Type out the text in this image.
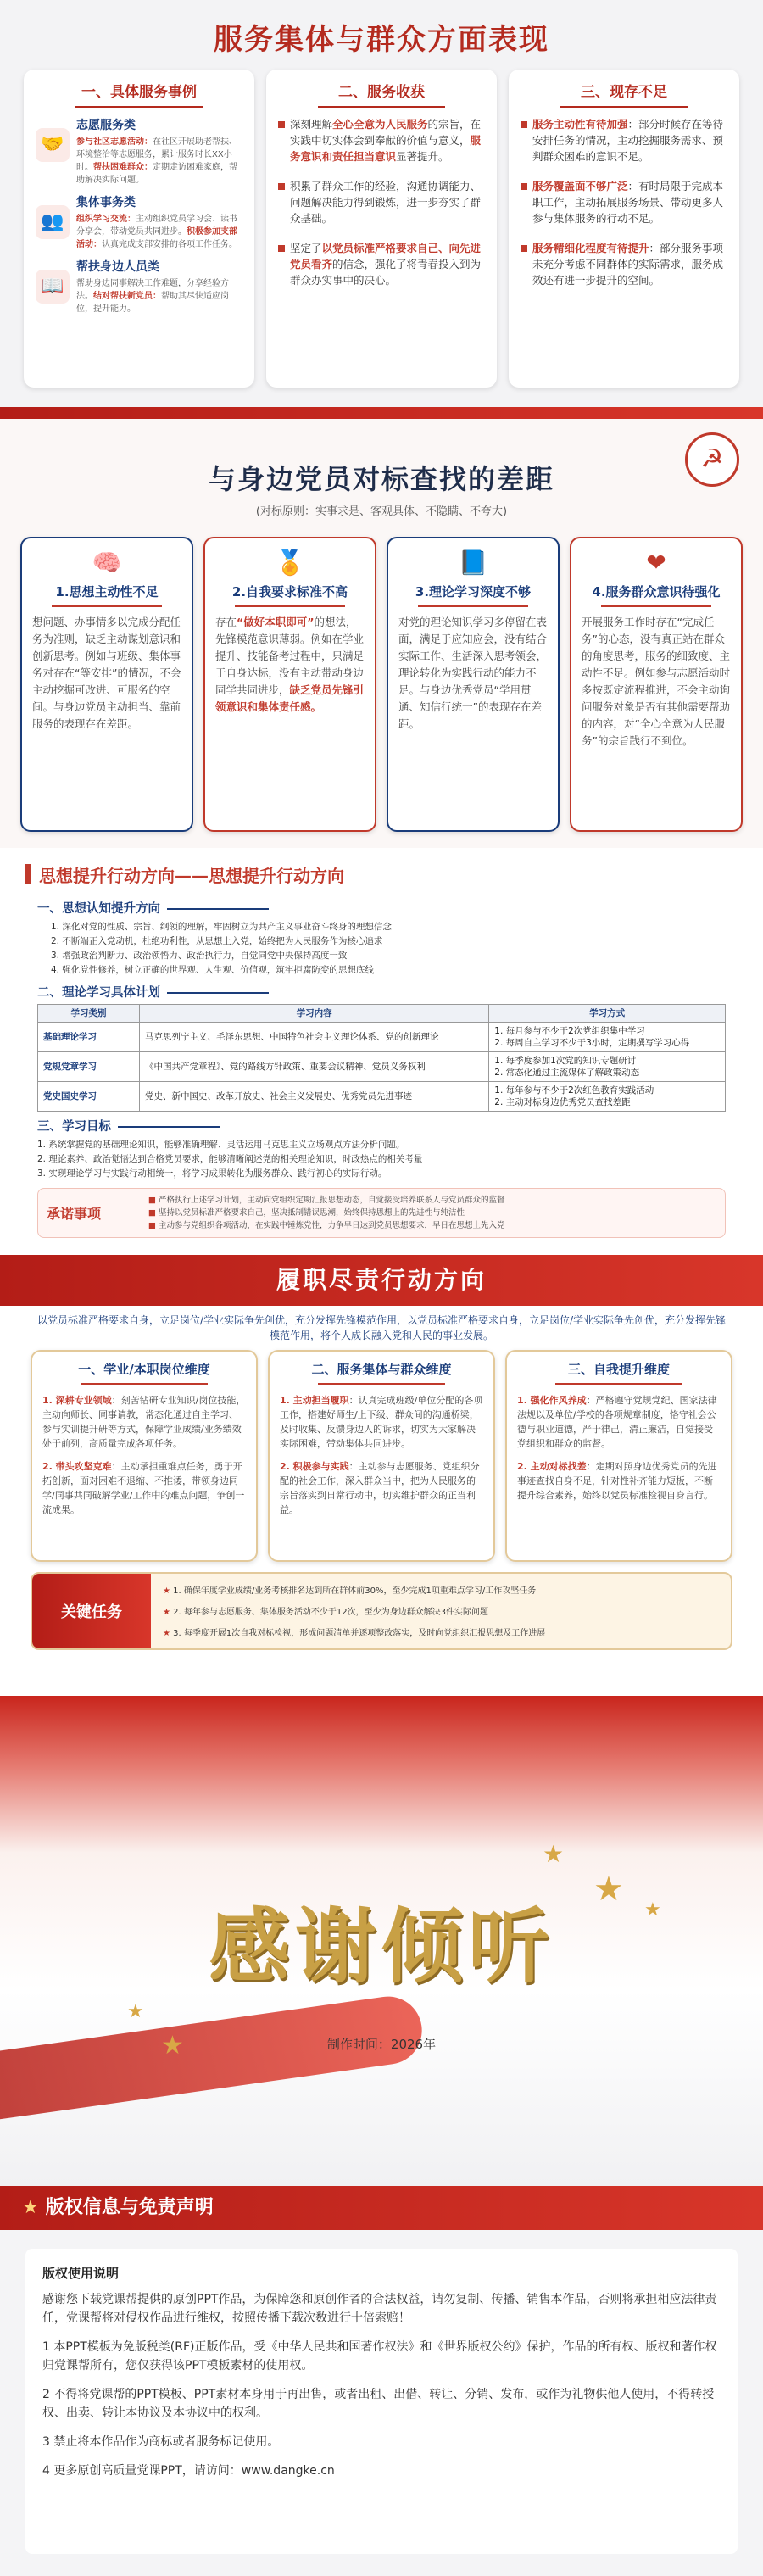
服务集体与群众方面表现
一、具体服务事例
🤝
志愿服务类

参与社区志愿活动：在社区开展助老帮扶、环境整治等志愿服务，累计服务时长XX小时。帮扶困难群众：定期走访困难家庭，帮助解决实际问题。

👥
集体事务类

组织学习交流：主动组织党员学习会、读书分享会，带动党员共同进步。积极参加支部活动：认真完成支部安排的各项工作任务。

📖
帮扶身边人员类

帮助身边同事解决工作难题，分享经验方法。结对帮扶新党员：帮助其尽快适应岗位，提升能力。

二、服务收获
深刻理解全心全意为人民服务的宗旨，在实践中切实体会到奉献的价值与意义，服务意识和责任担当意识显著提升。
积累了群众工作的经验，沟通协调能力、问题解决能力得到锻炼，进一步夯实了群众基础。
坚定了以党员标准严格要求自己、向先进党员看齐的信念，强化了将青春投入到为群众办实事中的决心。
三、现存不足
服务主动性有待加强：部分时候存在等待安排任务的情况，主动挖掘服务需求、预判群众困难的意识不足。
服务覆盖面不够广泛：有时局限于完成本职工作，主动拓展服务场景、带动更多人参与集体服务的行动不足。
服务精细化程度有待提升：部分服务事项未充分考虑不同群体的实际需求，服务成效还有进一步提升的空间。
☭
与身边党员对标查找的差距
(对标原则：实事求是、客观具体、不隐瞒、不夸大)
🧠
1.思想主动性不足

想问题、办事情多以完成分配任务为准则，缺乏主动谋划意识和创新思考。例如与班级、集体事务对存在“等安排”的情况，不会主动挖掘可改进、可服务的空间。与身边党员主动担当、靠前服务的表现存在差距。

🏅
2.自我要求标准不高

存在“做好本职即可”的想法，先锋模范意识薄弱。例如在学业提升、技能备考过程中，只满足于自身达标，没有主动带动身边同学共同进步，缺乏党员先锋引领意识和集体责任感。

📘
3.理论学习深度不够

对党的理论知识学习多停留在表面，满足于应知应会，没有结合实际工作、生活深入思考领会，理论转化为实践行动的能力不足。与身边优秀党员“学用贯通、知信行统一”的表现存在差距。

❤
4.服务群众意识待强化

开展服务工作时存在“完成任务”的心态，没有真正站在群众的角度思考，服务的细致度、主动性不足。例如参与志愿活动时多按既定流程推进，不会主动询问服务对象是否有其他需要帮助的内容，对“全心全意为人民服务”的宗旨践行不到位。

思想提升行动方向——思想提升行动方向
一、思想认知提升方向
1. 深化对党的性质、宗旨、纲领的理解，牢固树立为共产主义事业奋斗终身的理想信念
2. 不断端正入党动机，杜绝功利性，从思想上入党，始终把为人民服务作为核心追求
3. 增强政治判断力、政治领悟力、政治执行力，自觉同党中央保持高度一致
4. 强化党性修养，树立正确的世界观、人生观、价值观，筑牢拒腐防变的思想底线
二、理论学习具体计划
学习类别	学习内容	学习方式
基础理论学习	马克思列宁主义、毛泽东思想、中国特色社会主义理论体系、党的创新理论	1. 每月参与不少于2次党组织集中学习
2. 每周自主学习不少于3小时，定期撰写学习心得
党规党章学习	《中国共产党章程》、党的路线方针政策、重要会议精神、党员义务权利	1. 每季度参加1次党的知识专题研讨
2. 常态化通过主流媒体了解政策动态
党史国史学习	党史、新中国史、改革开放史、社会主义发展史、优秀党员先进事迹	1. 每年参与不少于2次红色教育实践活动
2. 主动对标身边优秀党员查找差距
三、学习目标
1. 系统掌握党的基础理论知识，能够准确理解、灵活运用马克思主义立场观点方法分析问题。
2. 理论素养、政治觉悟达到合格党员要求，能够清晰阐述党的相关理论知识，时政热点的相关考量
3. 实现理论学习与实践行动相统一，将学习成果转化为服务群众、践行初心的实际行动。
承诺事项
■ 严格执行上述学习计划，主动向党组织定期汇报思想动态，自觉接受培养联系人与党员群众的监督
■ 坚持以党员标准严格要求自己，坚决抵制错误思潮，始终保持思想上的先进性与纯洁性
■ 主动参与党组织各项活动，在实践中锤炼党性，力争早日达到党员思想要求，早日在思想上先入党
履职尽责行动方向
以党员标准严格要求自身，立足岗位/学业实际争先创优，充分发挥先锋模范作用，以党员标准严格要求自身，立足岗位/学业实际争先创优，充分发挥先锋模范作用，将个人成长融入党和人民的事业发展。
一、学业/本职岗位维度

1. 深耕专业领域：刻苦钻研专业知识/岗位技能，主动向师长、同事请教，常态化通过自主学习、参与实训提升研等方式，保障学业成绩/业务绩效处于前列，高质量完成各项任务。

2. 带头攻坚克难：主动承担重难点任务，勇于开拓创新，面对困难不退缩、不推诿，带领身边同学/同事共同破解学业/工作中的难点问题，争创一流成果。

二、服务集体与群众维度

1. 主动担当履职：认真完成班级/单位分配的各项工作，搭建好师生/上下级、群众间的沟通桥梁，及时收集、反馈身边人的诉求，切实为大家解决实际困难，带动集体共同进步。

2. 积极参与实践：主动参与志愿服务、党组织分配的社会工作，深入群众当中，把为人民服务的宗旨落实到日常行动中，切实维护群众的正当利益。

三、自我提升维度

1. 强化作风养成：严格遵守党规党纪、国家法律法规以及单位/学校的各项规章制度，恪守社会公德与职业道德，严于律己，清正廉洁，自觉接受党组织和群众的监督。

2. 主动对标找差：定期对照身边优秀党员的先进事迹查找自身不足，针对性补齐能力短板，不断提升综合素养，始终以党员标准检视自身言行。

关键任务
★ 1. 确保年度学业成绩/业务考核排名达到所在群体前30%，至少完成1项重难点学习/工作攻坚任务
★ 2. 每年参与志愿服务、集体服务活动不少于12次，至少为身边群众解决3件实际问题
★ 3. 每季度开展1次自我对标检视，形成问题清单并逐项整改落实，及时向党组织汇报思想及工作进展
★
★
★
★
★
感谢倾听
制作时间：2026年
★ 版权信息与免责声明
版权使用说明

感谢您下载党课帮提供的原创PPT作品，为保障您和原创作者的合法权益，请勿复制、传播、销售本作品，否则将承担相应法律责任，党课帮将对侵权作品进行维权，按照传播下载次数进行十倍索赔！

1 本PPT模板为免版税类(RF)正版作品，受《中华人民共和国著作权法》和《世界版权公约》保护，作品的所有权、版权和著作权归党课帮所有，您仅获得该PPT模板素材的使用权。

2 不得将党课帮的PPT模板、PPT素材本身用于再出售，或者出租、出借、转让、分销、发布，或作为礼物供他人使用，不得转授权、出卖、转让本协议及本协议中的权利。

3 禁止将本作品作为商标或者服务标记使用。

4 更多原创高质量党课PPT，请访问：www.dangke.cn
